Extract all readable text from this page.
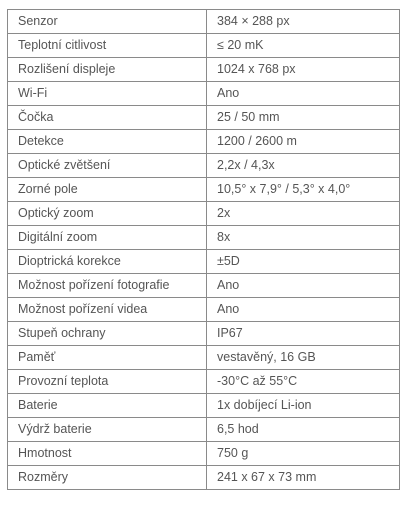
Senzor	384 × 288 px
Teplotní citlivost	≤ 20 mK
Rozlišení displeje	1024 x 768 px
Wi-Fi	Ano
Čočka	25 / 50 mm
Detekce	1200 / 2600 m
Optické zvětšení	2,2x / 4,3x
Zorné pole	10,5° x 7,9° / 5,3° x 4,0°
Optický zoom	2x
Digitální zoom	8x
Dioptrická korekce	±5D
Možnost pořízení fotografie	Ano
Možnost pořízení videa	Ano
Stupeň ochrany	IP67
Paměť	vestavěný, 16 GB
Provozní teplota	-30°C až 55°C
Baterie	1x dobíjecí Li-ion
Výdrž baterie	6,5 hod
Hmotnost	750 g
Rozměry	241 x 67 x 73 mm
